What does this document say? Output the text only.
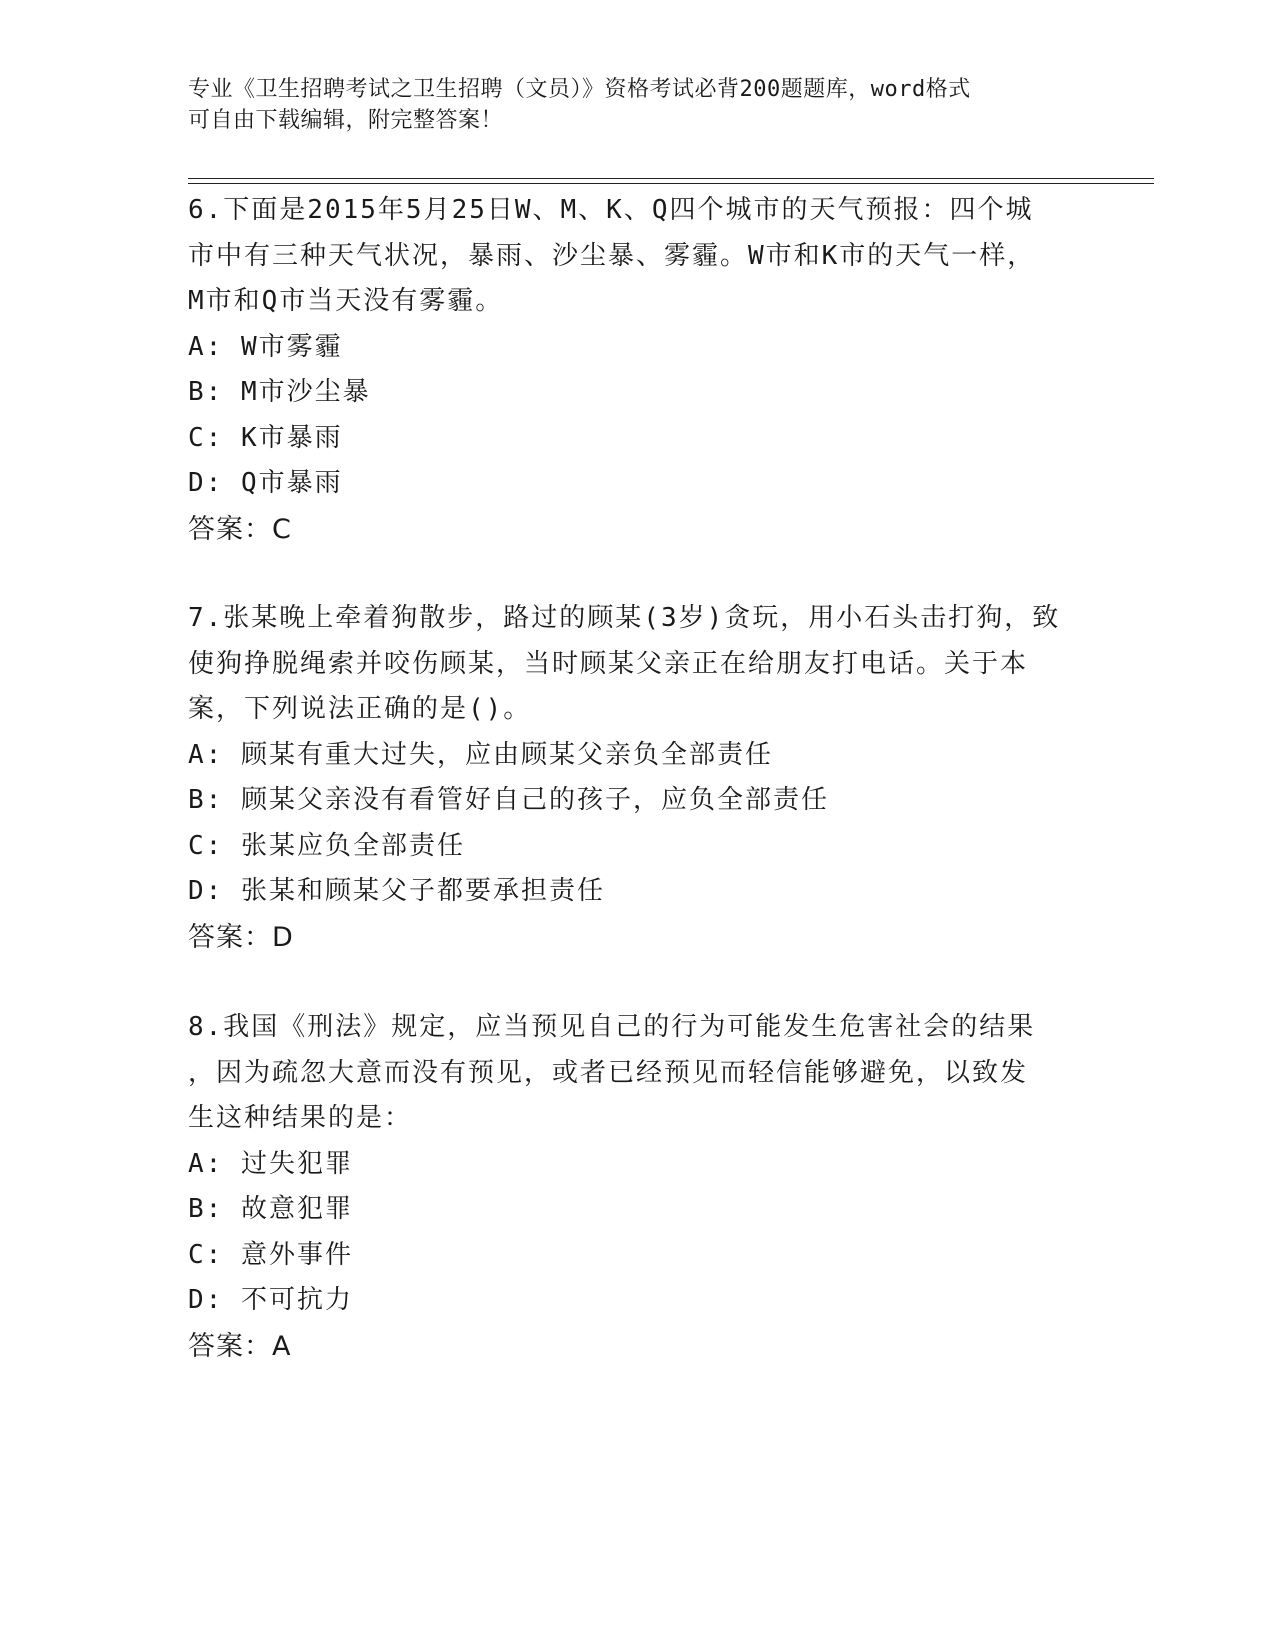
专业《卫生招聘考试之卫生招聘（文员）》资格考试必背200题题库，word格式
可自由下载编辑，附完整答案！

6.下面是2015年5月25日W、M、K、Q四个城市的天气预报：四个城

市中有三种天气状况，暴雨、沙尘暴、雾霾。W市和K市的天气一样，

M市和Q市当天没有雾霾。

A: W市雾霾

B: M市沙尘暴

C: K市暴雨

D: Q市暴雨

答案：C

7.张某晚上牵着狗散步，路过的顾某(3岁)贪玩，用小石头击打狗，致

使狗挣脱绳索并咬伤顾某，当时顾某父亲正在给朋友打电话。关于本

案，下列说法正确的是()。

A: 顾某有重大过失，应由顾某父亲负全部责任

B: 顾某父亲没有看管好自己的孩子，应负全部责任

C: 张某应负全部责任

D: 张某和顾某父子都要承担责任

答案：D

8.我国《刑法》规定，应当预见自己的行为可能发生危害社会的结果

，因为疏忽大意而没有预见，或者已经预见而轻信能够避免，以致发

生这种结果的是：

A: 过失犯罪

B: 故意犯罪

C: 意外事件

D: 不可抗力

答案：A
